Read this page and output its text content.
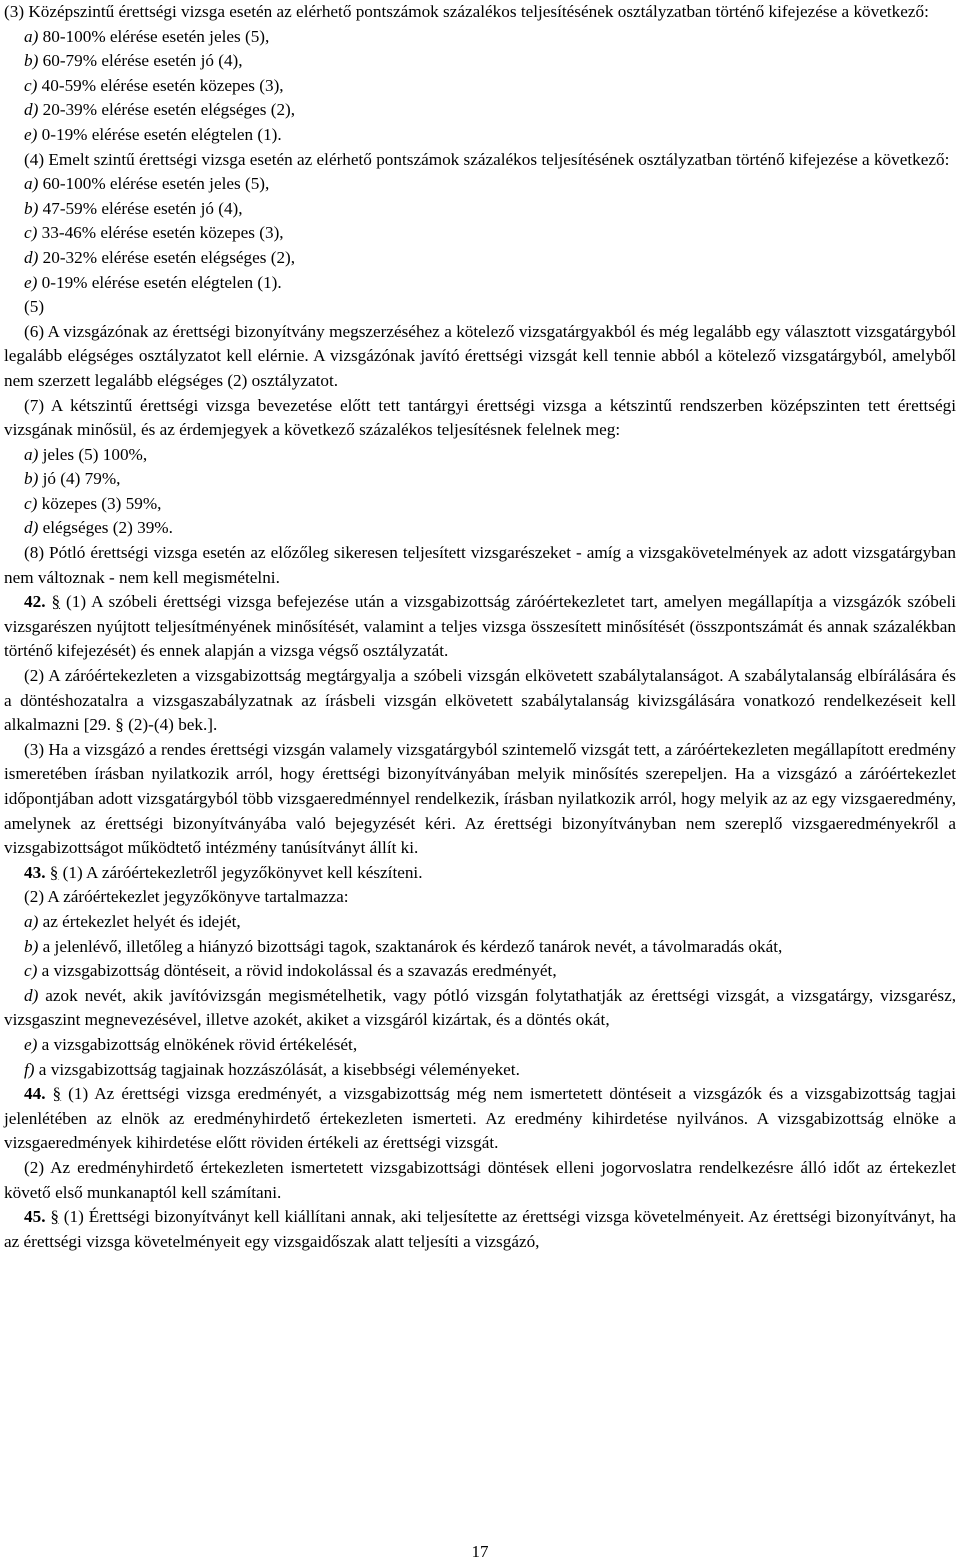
(3) Középszintű érettségi vizsga esetén az elérhető pontszámok százalékos teljesítésének osztályzatban történő kifejezése a következő:

a) 80-100% elérése esetén jeles (5),

b) 60-79% elérése esetén jó (4),

c) 40-59% elérése esetén közepes (3),

d) 20-39% elérése esetén elégséges (2),

e) 0-19% elérése esetén elégtelen (1).

(4) Emelt szintű érettségi vizsga esetén az elérhető pontszámok százalékos teljesítésének osztályzatban történő kifejezése a következő:

a) 60-100% elérése esetén jeles (5),

b) 47-59% elérése esetén jó (4),

c) 33-46% elérése esetén közepes (3),

d) 20-32% elérése esetén elégséges (2),

e) 0-19% elérése esetén elégtelen (1).

(5)

(6) A vizsgázónak az érettségi bizonyítvány megszerzéséhez a kötelező vizsgatárgyakból és még legalább egy választott vizsgatárgyból legalább elégséges osztályzatot kell elérnie. A vizsgázónak javító érettségi vizsgát kell tennie abból a kötelező vizsgatárgyból, amelyből nem szerzett legalább elégséges (2) osztályzatot.

(7) A kétszintű érettségi vizsga bevezetése előtt tett tantárgyi érettségi vizsga a kétszintű rendszerben középszinten tett érettségi vizsgának minősül, és az érdemjegyek a következő százalékos teljesítésnek felelnek meg:

a) jeles (5) 100%,

b) jó (4) 79%,

c) közepes (3) 59%,

d) elégséges (2) 39%.

(8) Pótló érettségi vizsga esetén az előzőleg sikeresen teljesített vizsgarészeket - amíg a vizsgakövetelmények az adott vizsgatárgyban nem változnak - nem kell megismételni.

42. § (1) A szóbeli érettségi vizsga befejezése után a vizsgabizottság záróértekezletet tart, amelyen megállapítja a vizsgázók szóbeli vizsgarészen nyújtott teljesítményének minősítését, valamint a teljes vizsga összesített minősítését (összpontszámát és annak százalékban történő kifejezését) és ennek alapján a vizsga végső osztályzatát.

(2) A záróértekezleten a vizsgabizottság megtárgyalja a szóbeli vizsgán elkövetett szabálytalanságot. A szabálytalanság elbírálására és a döntéshozatalra a vizsgaszabályzatnak az írásbeli vizsgán elkövetett szabálytalanság kivizsgálására vonatkozó rendelkezéseit kell alkalmazni [29. § (2)-(4) bek.].

(3) Ha a vizsgázó a rendes érettségi vizsgán valamely vizsgatárgyból szintemelő vizsgát tett, a záróértekezleten megállapított eredmény ismeretében írásban nyilatkozik arról, hogy érettségi bizonyítványában melyik minősítés szerepeljen. Ha a vizsgázó a záróértekezlet időpontjában adott vizsgatárgyból több vizsgaeredménnyel rendelkezik, írásban nyilatkozik arról, hogy melyik az az egy vizsgaeredmény, amelynek az érettségi bizonyítványába való bejegyzését kéri. Az érettségi bizonyítványban nem szereplő vizsgaeredményekről a vizsgabizottságot működtető intézmény tanúsítványt állít ki.

43. § (1) A záróértekezletről jegyzőkönyvet kell készíteni.

(2) A záróértekezlet jegyzőkönyve tartalmazza:

a) az értekezlet helyét és idejét,

b) a jelenlévő, illetőleg a hiányzó bizottsági tagok, szaktanárok és kérdező tanárok nevét, a távolmaradás okát,

c) a vizsgabizottság döntéseit, a rövid indokolással és a szavazás eredményét,

d) azok nevét, akik javítóvizsgán megismételhetik, vagy pótló vizsgán folytathatják az érettségi vizsgát, a vizsgatárgy, vizsgarész, vizsgaszint megnevezésével, illetve azokét, akiket a vizsgáról kizártak, és a döntés okát,

e) a vizsgabizottság elnökének rövid értékelését,

f) a vizsgabizottság tagjainak hozzászólását, a kisebbségi véleményeket.

44. § (1) Az érettségi vizsga eredményét, a vizsgabizottság még nem ismertetett döntéseit a vizsgázók és a vizsgabizottság tagjai jelenlétében az elnök az eredményhirdető értekezleten ismerteti. Az eredmény kihirdetése nyilvános. A vizsgabizottság elnöke a vizsgaeredmények kihirdetése előtt röviden értékeli az érettségi vizsgát.

(2) Az eredményhirdető értekezleten ismertetett vizsgabizottsági döntések elleni jogorvoslatra rendelkezésre álló időt az értekezlet követő első munkanaptól kell számítani.

45. § (1) Érettségi bizonyítványt kell kiállítani annak, aki teljesítette az érettségi vizsga követelményeit. Az érettségi bizonyítványt, ha az érettségi vizsga követelményeit egy vizsgaidőszak alatt teljesíti a vizsgázó,

17
